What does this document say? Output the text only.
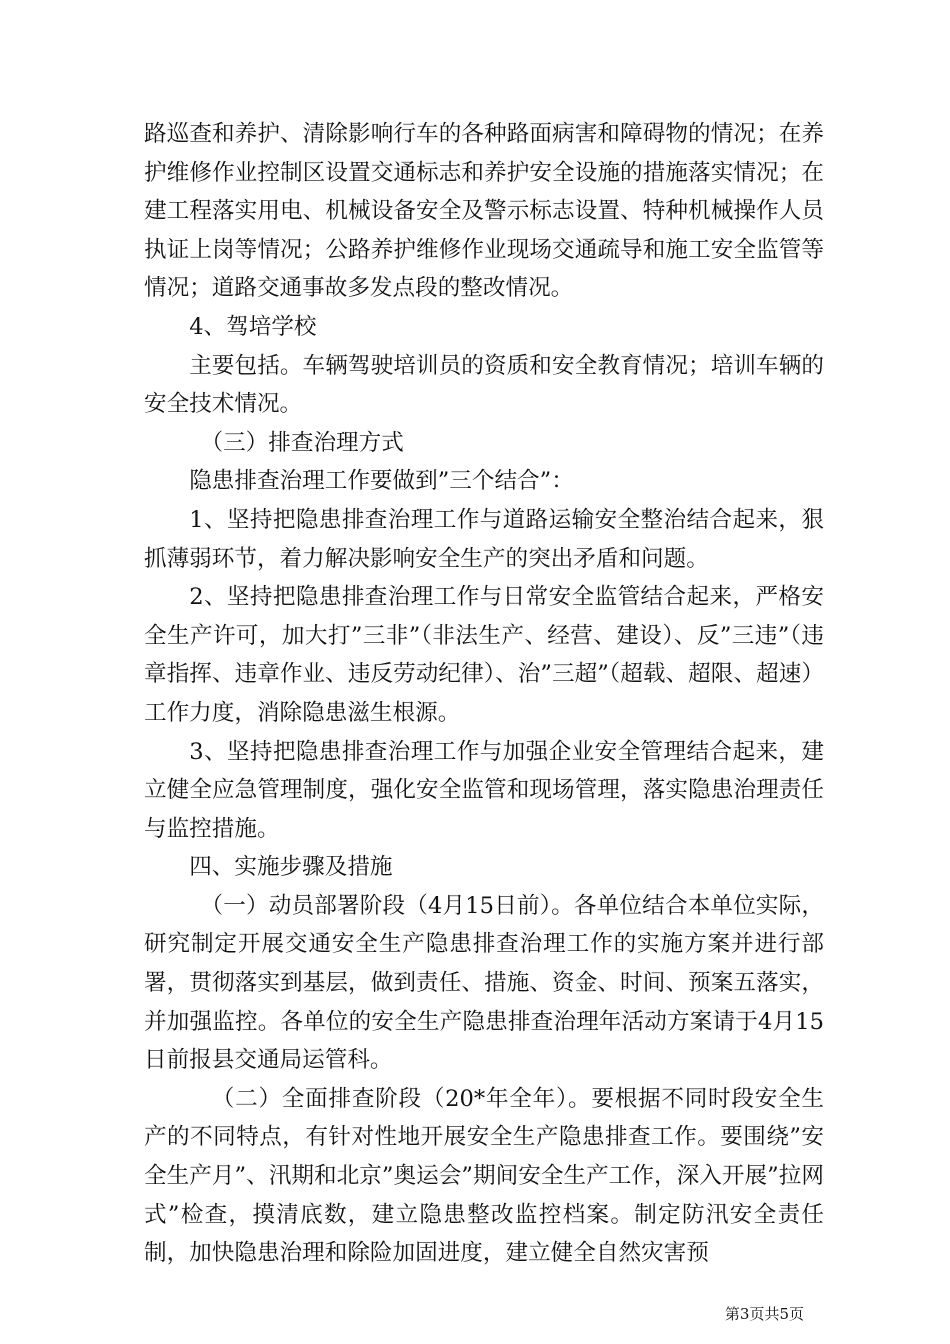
路巡查和养护、清除影响行车的各种路面病害和障碍物的情况；在养护维修作业控制区设置交通标志和养护安全设施的措施落实情况；在建工程落实用电、机械设备安全及警示标志设置、特种机械操作人员执证上岗等情况；公路养护维修作业现场交通疏导和施工安全监管等情况；道路交通事故多发点段的整改情况。

4、驾培学校

主要包括。车辆驾驶培训员的资质和安全教育情况；培训车辆的安全技术情况。

（三）排查治理方式

隐患排查治理工作要做到”三个结合”：

1、坚持把隐患排查治理工作与道路运输安全整治结合起来，狠抓薄弱环节，着力解决影响安全生产的突出矛盾和问题。

2、坚持把隐患排查治理工作与日常安全监管结合起来，严格安全生产许可，加大打”三非”（非法生产、经营、建设）、反”三违”（违章指挥、违章作业、违反劳动纪律）、治”三超”（超载、超限、超速）工作力度，消除隐患滋生根源。

3、坚持把隐患排查治理工作与加强企业安全管理结合起来，建立健全应急管理制度，强化安全监管和现场管理，落实隐患治理责任与监控措施。

四、实施步骤及措施

（一）动员部署阶段（4月15日前）。各单位结合本单位实际，研究制定开展交通安全生产隐患排查治理工作的实施方案并进行部署，贯彻落实到基层，做到责任、措施、资金、时间、预案五落实，并加强监控。各单位的安全生产隐患排查治理年活动方案请于4月15日前报县交通局运管科。

（二）全面排查阶段（20*年全年）。要根据不同时段安全生产的不同特点，有针对性地开展安全生产隐患排查工作。要围绕”安全生产月”、汛期和北京”奥运会”期间安全生产工作，深入开展”拉网式”检查，摸清底数，建立隐患整改监控档案。制定防汛安全责任制，加快隐患治理和除险加固进度，建立健全自然灾害预

第3页共5页
